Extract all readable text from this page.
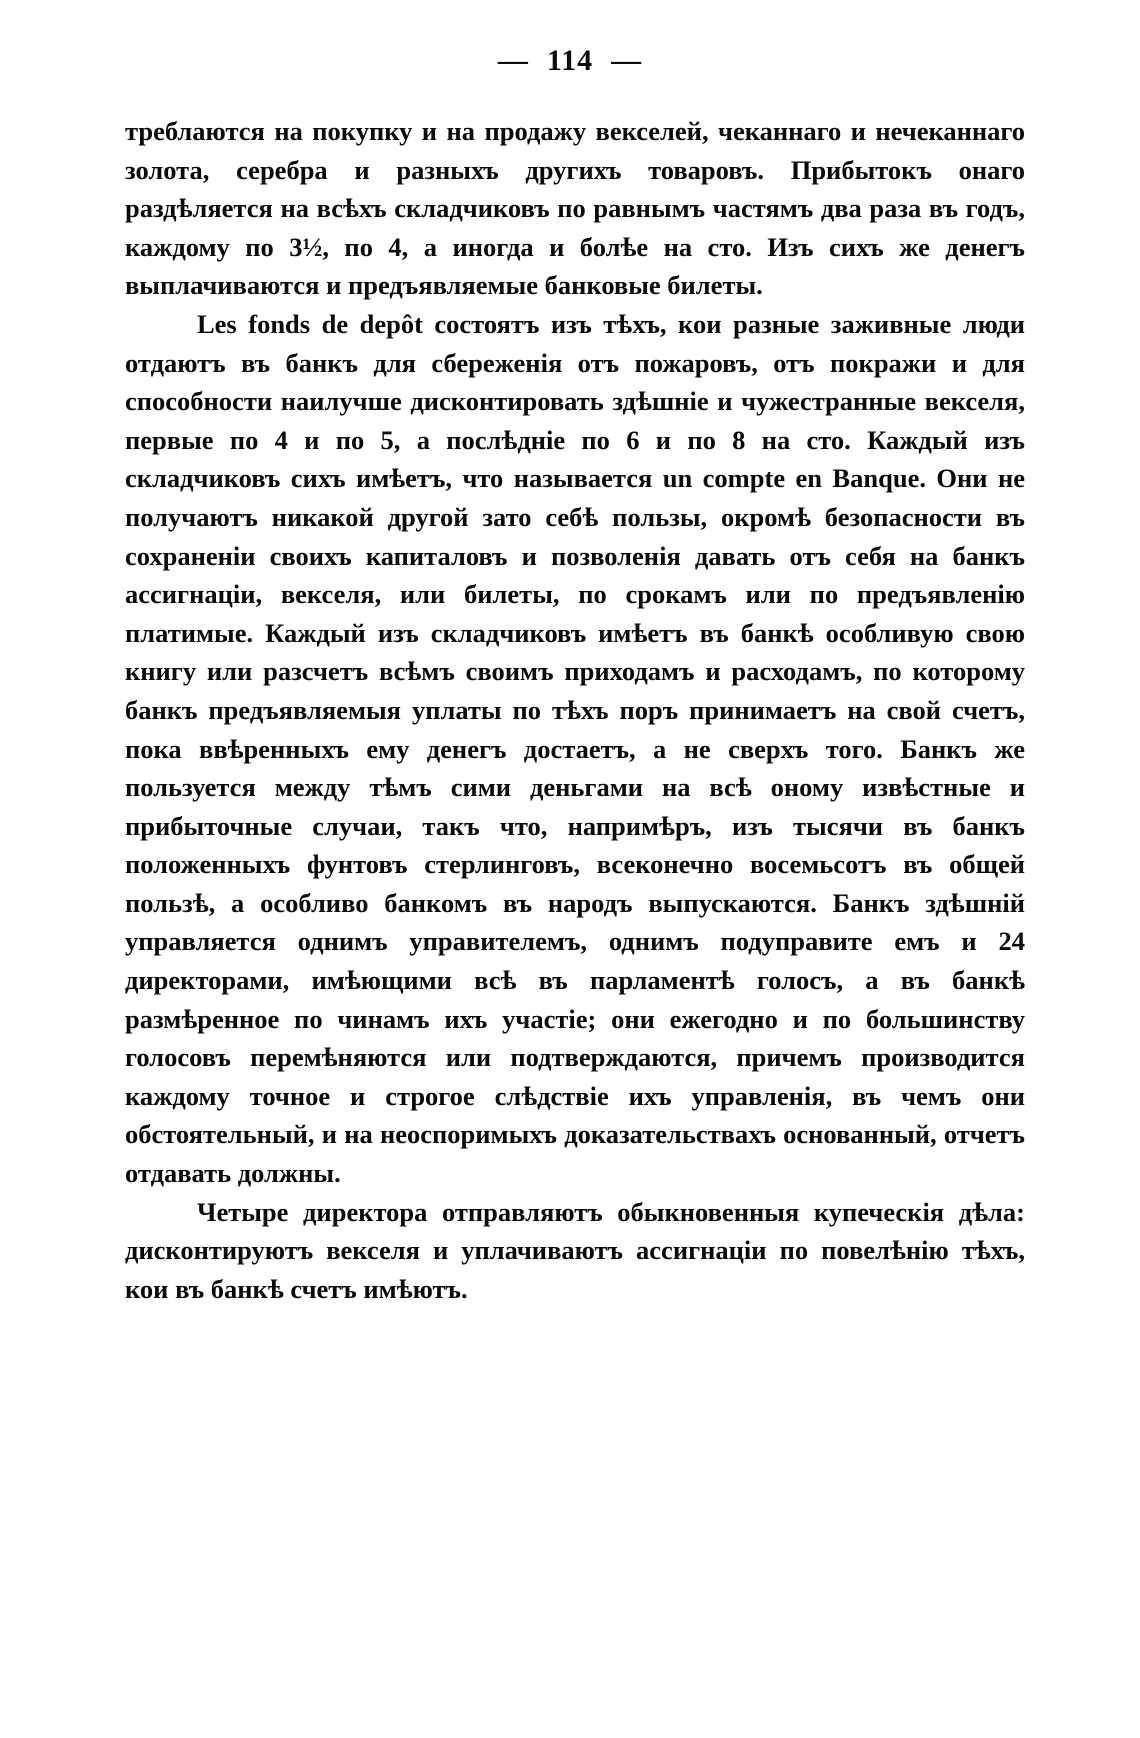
— 114 —

треблаются на покупку и на продажу векселей, чеканнаго и нечеканнаго золота, серебра и разныхъ другихъ товаровъ. Прибытокъ онаго раздѣляется на всѣхъ складчиковъ по равнымъ частямъ два раза въ годъ, каждому по 3½, по 4, а иногда и болѣе на сто. Изъ сихъ же денегъ выплачиваются и предъявляемые банковые билеты.

Les fonds de depôt состоятъ изъ тѣхъ, кои разные заживные люди отдаютъ въ банкъ для сбереженія отъ пожаровъ, отъ покражи и для способности наилучше дисконтировать здѣшніе и чужестранные векселя, первые по 4 и по 5, а послѣдніе по 6 и по 8 на сто. Каждый изъ складчиковъ сихъ имѣетъ, что называется un compte en Banque. Они не получаютъ никакой другой зато себѣ пользы, окромѣ безопасности въ сохраненіи своихъ капиталовъ и позволенія давать отъ себя на банкъ ассигнаціи, векселя, или билеты, по срокамъ или по предъявленію платимые. Каждый изъ складчиковъ имѣетъ въ банкѣ особливую свою книгу или разсчетъ всѣмъ своимъ приходамъ и расходамъ, по которому банкъ предъявляемыя уплаты по тѣхъ поръ принимаетъ на свой счетъ, пока ввѣренныхъ ему денегъ достаетъ, а не сверхъ того. Банкъ же пользуется между тѣмъ сими деньгами на всѣ оному извѣстные и прибыточные случаи, такъ что, напримѣръ, изъ тысячи въ банкъ положенныхъ фунтовъ стерлинговъ, всеконечно восемьсотъ въ общей пользѣ, а особливо банкомъ въ народъ выпускаются. Банкъ здѣшній управляется однимъ управителемъ, однимъ подуправите емъ и 24 директорами, имѣющими всѣ въ парламентѣ голосъ, а въ банкѣ размѣренное по чинамъ ихъ участіе; они ежегодно и по большинству голосовъ перемѣняются или подтверждаются, причемъ производится каждому точное и строгое слѣдствіе ихъ управленія, въ чемъ они обстоятельный, и на неоспоримыхъ доказательствахъ основанный, отчетъ отдавать должны.

Четыре директора отправляютъ обыкновенныя купеческія дѣла: дисконтируютъ векселя и уплачиваютъ ассигнаціи по повелѣнію тѣхъ, кои въ банкѣ счетъ имѣютъ.
